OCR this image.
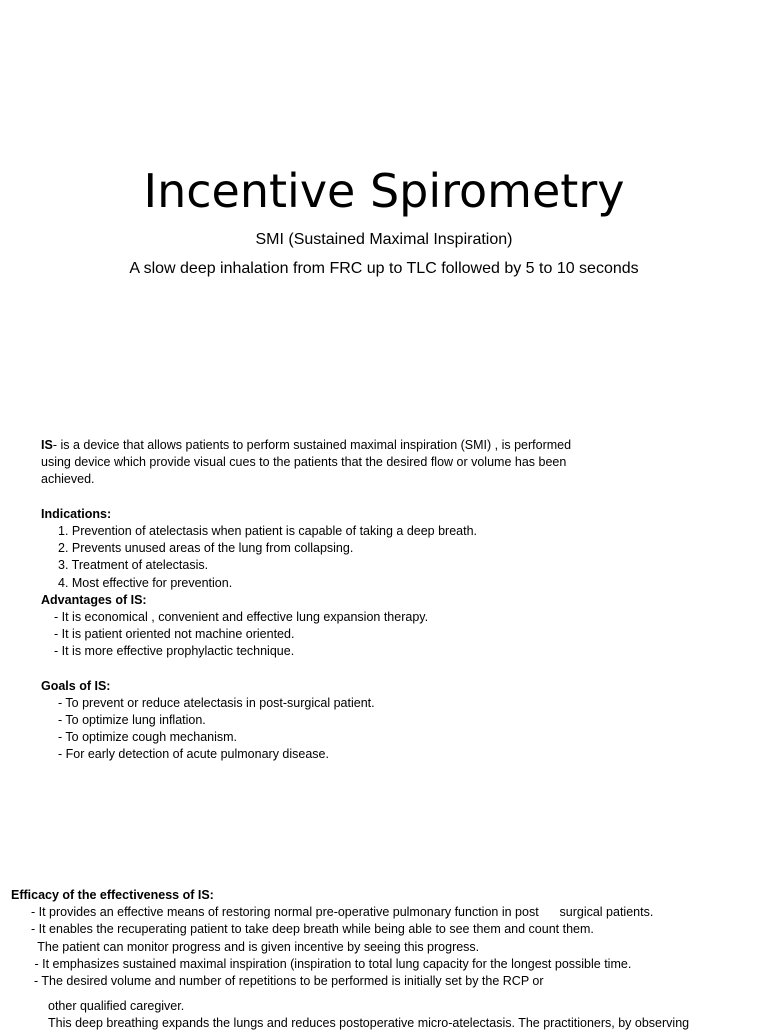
Incentive Spirometry

SMI (Sustained Maximal Inspiration)

A slow deep inhalation from FRC up to TLC followed by 5 to 10 seconds

IS- is a device that allows patients to perform sustained maximal inspiration (SMI) , is performed
using device which provide visual cues to the patients that the desired flow or volume has been
achieved.
Indications:
1. Prevention of atelectasis when patient is capable of taking a deep breath.
2. Prevents unused areas of the lung from collapsing.
3. Treatment of atelectasis.
4. Most effective for prevention.
Advantages of IS:
- It is economical , convenient and effective lung expansion therapy.
- It is patient oriented not machine oriented.
- It is more effective prophylactic technique.
Goals of IS:
- To prevent or reduce atelectasis in post-surgical patient.
- To optimize lung inflation.
- To optimize cough mechanism.
- For early detection of acute pulmonary disease.
Efficacy of the effectiveness of IS:
- It provides an effective means of restoring normal pre-operative pulmonary function in post      surgical patients.
- It enables the recuperating patient to take deep breath while being able to see them and count them.
The patient can monitor progress and is given incentive by seeing this progress.
- It emphasizes sustained maximal inspiration (inspiration to total lung capacity for the longest possible time.
- The desired volume and number of repetitions to be performed is initially set by the RCP or
other qualified caregiver.
This deep breathing expands the lungs and reduces postoperative micro-atelectasis. The practitioners, by observing
